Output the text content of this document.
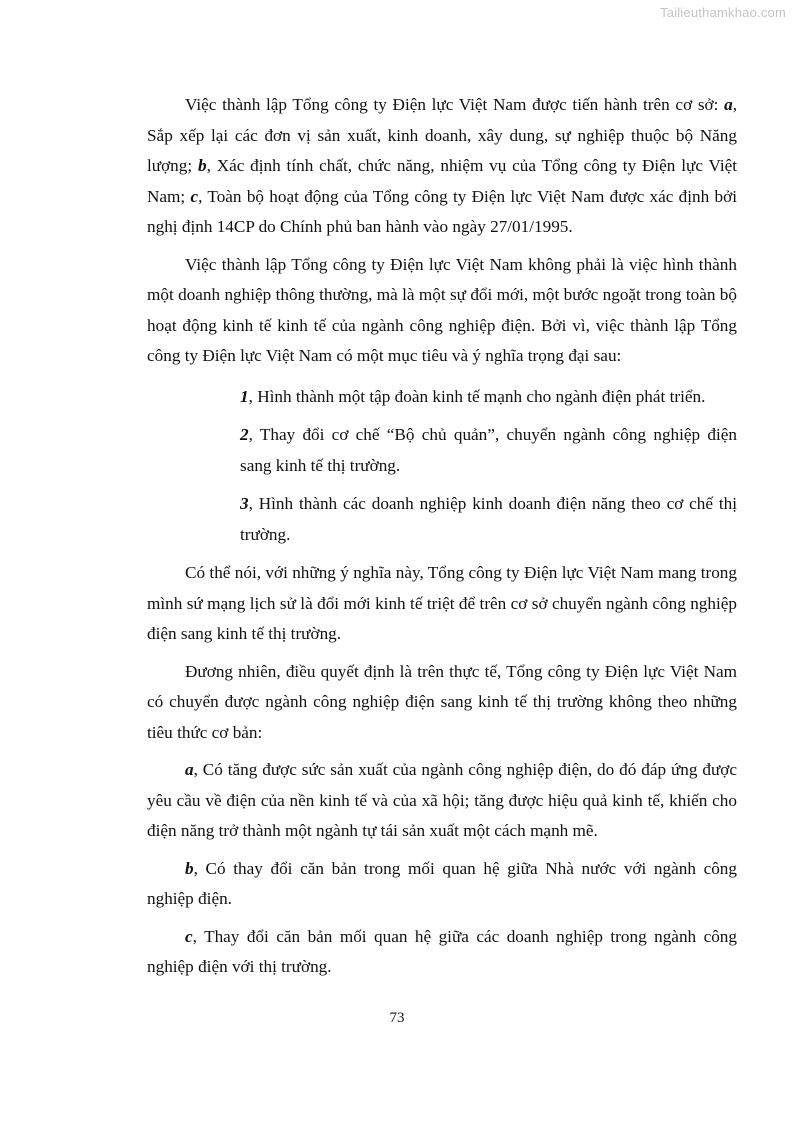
Tailieuthamkhao.com

Việc thành lập Tổng công ty Điện lực Việt Nam được tiến hành trên cơ sở: a, Sắp xếp lại các đơn vị sản xuất, kinh doanh, xây dung, sự nghiệp thuộc bộ Năng lượng; b, Xác định tính chất, chức năng, nhiệm vụ của Tổng công ty Điện lực Việt Nam; c, Toàn bộ hoạt động của Tổng công ty Điện lực Việt Nam được xác định bởi nghị định 14CP do Chính phủ ban hành vào ngày 27/01/1995.

Việc thành lập Tổng công ty Điện lực Việt Nam không phải là việc hình thành một doanh nghiệp thông thường, mà là một sự đổi mới, một bước ngoặt trong toàn bộ hoạt động kinh tế kinh tế của ngành công nghiệp điện. Bởi vì, việc thành lập Tổng công ty Điện lực Việt Nam có một mục tiêu và ý nghĩa trọng đại sau:

1, Hình thành một tập đoàn kinh tế mạnh cho ngành điện phát triển.

2, Thay đổi cơ chế “Bộ chủ quản”, chuyển ngành công nghiệp điện sang kinh tế thị trường.

3, Hình thành các doanh nghiệp kinh doanh điện năng theo cơ chế thị trường.

Có thể nói, với những ý nghĩa này, Tổng công ty Điện lực Việt Nam mang trong mình sứ mạng lịch sử là đổi mới kinh tế triệt để trên cơ sở chuyển ngành công nghiệp điện sang kinh tế thị trường.

Đương nhiên, điều quyết định là trên thực tế, Tổng công ty Điện lực Việt Nam có chuyển được ngành công nghiệp điện sang kinh tế thị trường không theo những tiêu thức cơ bản:

a, Có tăng được sức sản xuất của ngành công nghiệp điện, do đó đáp ứng được yêu cầu về điện của nền kinh tế và của xã hội; tăng được hiệu quả kinh tế, khiến cho điện năng trở thành một ngành tự tái sản xuất một cách mạnh mẽ.

b, Có thay đổi căn bản trong mối quan hệ giữa Nhà nước với ngành công nghiệp điện.

c, Thay đổi căn bản mối quan hệ giữa các doanh nghiệp trong ngành công nghiệp điện với thị trường.

73
